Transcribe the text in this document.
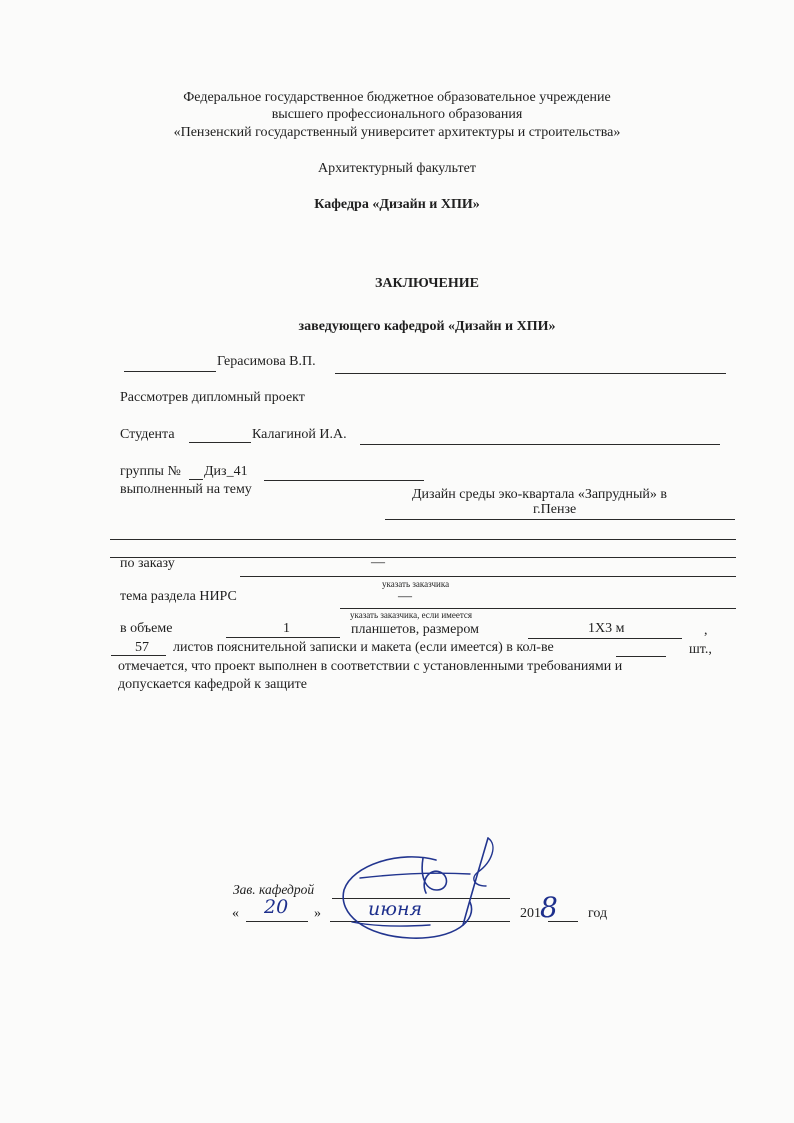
Федеральное государственное бюджетное образовательное учреждение
высшего профессионального образования
«Пензенский государственный университет архитектуры и строительства»
Архитектурный факультет
Кафедра «Дизайн и ХПИ»
ЗАКЛЮЧЕНИЕ
заведующего кафедрой «Дизайн и ХПИ»
Герасимова В.П.
Рассмотрев дипломный проект
Студента	Калагиной И.А.
группы № Диз_41
выполненный на тему	Дизайн среды эко-квартала «Запрудный» в
г.Пензе
по заказу	—
указать заказчика
тема раздела НИРС	—
указать заказчика, если имеется
в объеме	1	планшетов, размером	1Х3 м	,
57 листов пояснительной записки и макета (если имеется) в кол-ве	шт.,
отмечается, что проект выполнен в соответствии с установленными требованиями и
допускается кафедрой к защите
Зав. кафедрой
« 20 » июня	201 8 год
